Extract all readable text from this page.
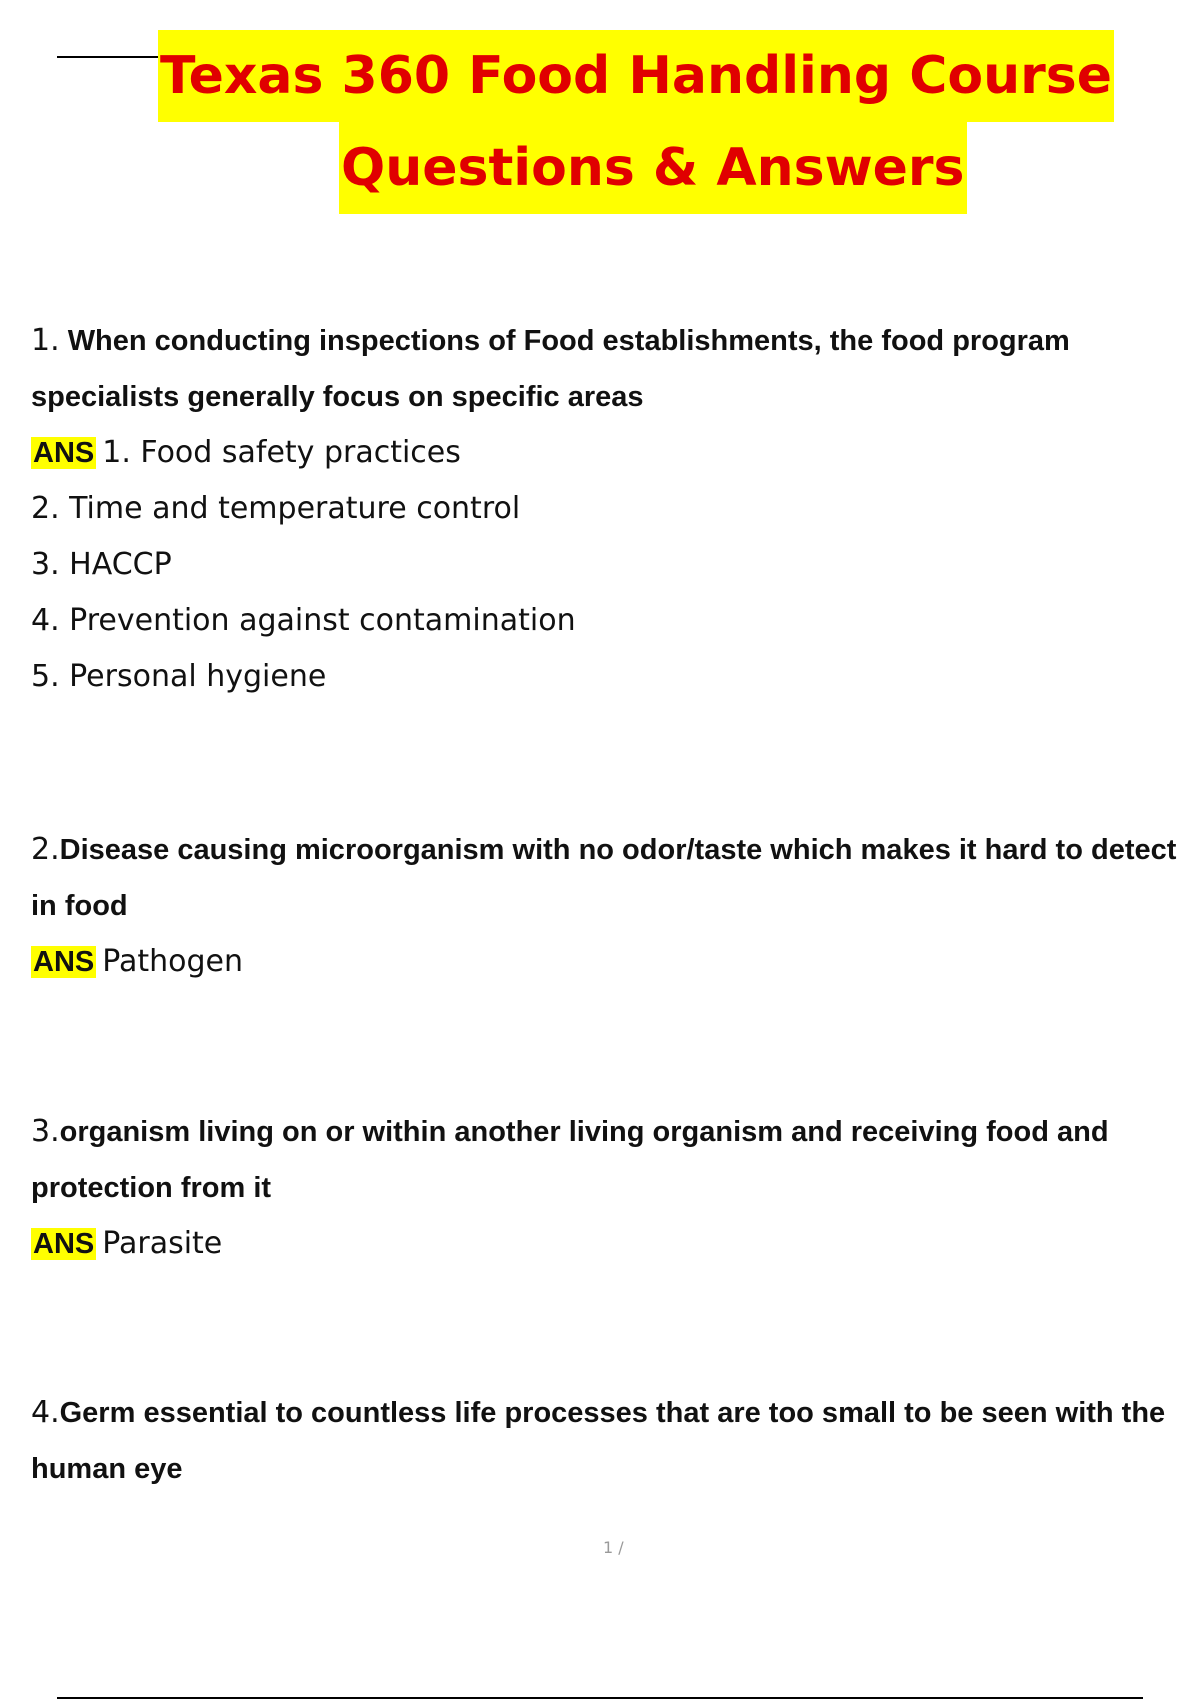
Texas 360 Food Handling Course
Questions & Answers

1. When conducting inspections of Food establishments, the food program specialists generally focus on specific areas

ANS 1. Food safety practices

2. Time and temperature control

3. HACCP

4. Prevention against contamination

5. Personal hygiene

2.Disease causing microorganism with no odor/taste which makes it hard to detect in food

ANS Pathogen

3.organism living on or within another living organism and receiving food and protection from it

ANS Parasite

4.Germ essential to countless life processes that are too small to be seen with the human eye

1 /
